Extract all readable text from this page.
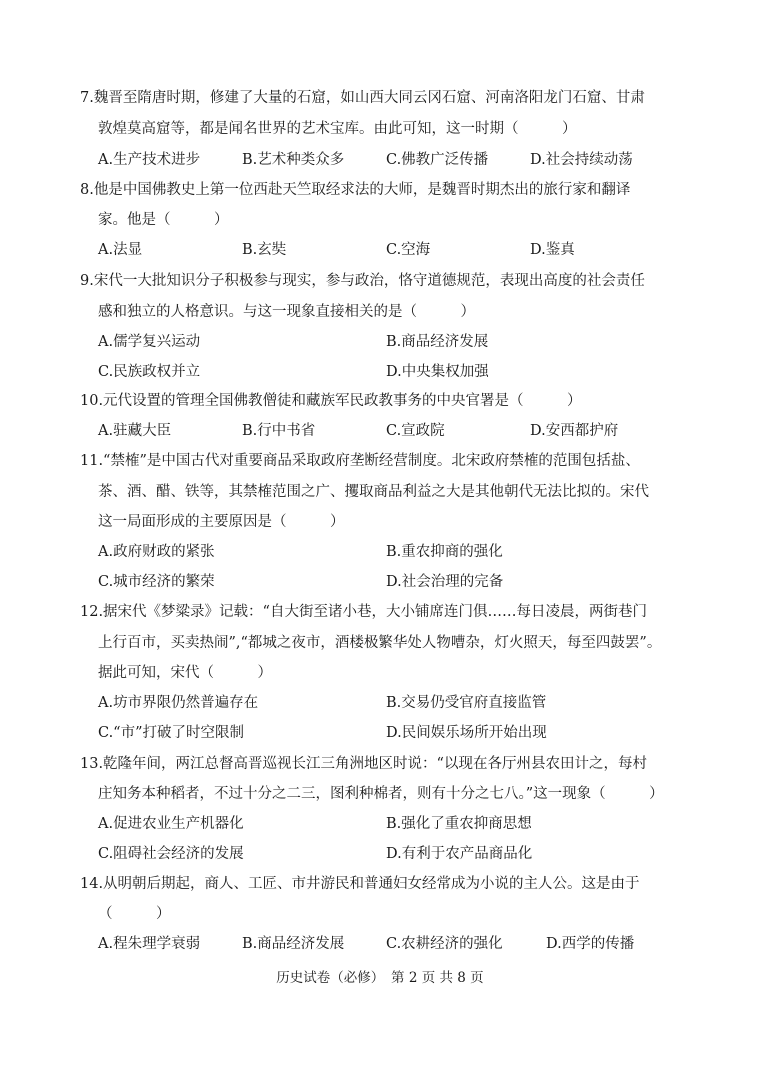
7.魏晋至隋唐时期，修建了大量的石窟，如山西大同云冈石窟、河南洛阳龙门石窟、甘肃
敦煌莫高窟等，都是闻名世界的艺术宝库。由此可知，这一时期（　　　）
A.生产技术进步	B.艺术种类众多	C.佛教广泛传播	D.社会持续动荡
8.他是中国佛教史上第一位西赴天竺取经求法的大师，是魏晋时期杰出的旅行家和翻译
家。他是（　　　）
A.法显	B.玄奘	C.空海	D.鉴真
9.宋代一大批知识分子积极参与现实，参与政治，恪守道德规范，表现出高度的社会责任
感和独立的人格意识。与这一现象直接相关的是（　　　）
A.儒学复兴运动	B.商品经济发展
C.民族政权并立	D.中央集权加强
10.元代设置的管理全国佛教僧徒和藏族军民政教事务的中央官署是（　　　）
A.驻藏大臣	B.行中书省	C.宣政院	D.安西都护府
11.“禁榷”是中国古代对重要商品采取政府垄断经营制度。北宋政府禁榷的范围包括盐、
茶、酒、醋、铁等，其禁榷范围之广、攫取商品利益之大是其他朝代无法比拟的。宋代
这一局面形成的主要原因是（　　　）
A.政府财政的紧张	B.重农抑商的强化
C.城市经济的繁荣	D.社会治理的完备
12.据宋代《梦粱录》记载：“自大街至诸小巷，大小铺席连门俱……每日凌晨，两街巷门
上行百市，买卖热闹”,“都城之夜市，酒楼极繁华处人物嘈杂，灯火照天，每至四鼓罢”。
据此可知，宋代（　　　）
A.坊市界限仍然普遍存在	B.交易仍受官府直接监管
C.“市”打破了时空限制	D.民间娱乐场所开始出现
13.乾隆年间，两江总督高晋巡视长江三角洲地区时说：“以现在各厅州县农田计之，每村
庄知务本种稻者，不过十分之二三，图利种棉者，则有十分之七八。”这一现象（　　　）
A.促进农业生产机器化	B.强化了重农抑商思想
C.阻碍社会经济的发展	D.有利于农产品商品化
14.从明朝后期起，商人、工匠、市井游民和普通妇女经常成为小说的主人公。这是由于
（　　　）
A.程朱理学衰弱	B.商品经济发展	C.农耕经济的强化	D.西学的传播
历史试卷（必修）　第 2 页 共 8 页
